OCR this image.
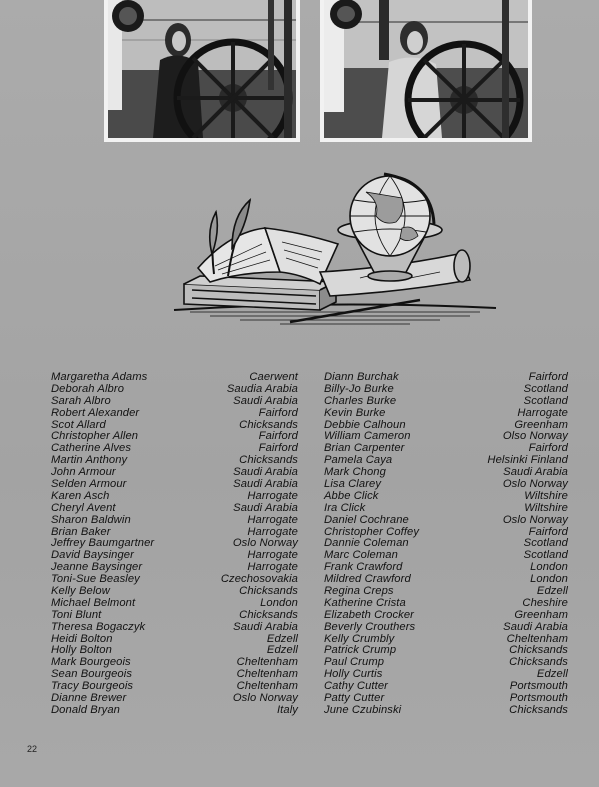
Margaretha Adams
Deborah Albro
Sarah Albro
Robert Alexander
Scot Allard
Christopher Allen
Catherine Alves
Martin Anthony
John Armour
Selden Armour
Karen Asch
Cheryl Avent
Sharon Baldwin
Brian Baker
Jeffrey Baumgartner
David Baysinger
Jeanne Baysinger
Toni-Sue Beasley
Kelly Below
Michael Belmont
Toni Blunt
Theresa Bogaczyk
Heidi Bolton
Holly Bolton
Mark Bourgeois
Sean Bourgeois
Tracy Bourgeois
Dianne Brewer
Donald Bryan
Caerwent
Saudia Arabia
Saudi Arabia
Fairford
Chicksands
Fairford
Fairford
Chicksands
Saudi Arabia
Saudi Arabia
Harrogate
Saudi Arabia
Harrogate
Harrogate
Oslo Norway
Harrogate
Harrogate
Czechosovakia
Chicksands
London
Chicksands
Saudi Arabia
Edzell
Edzell
Cheltenham
Cheltenham
Cheltenham
Oslo Norway
Italy
Diann Burchak
Billy-Jo Burke
Charles Burke
Kevin Burke
Debbie Calhoun
William Cameron
Brian Carpenter
Pamela Caya
Mark Chong
Lisa Clarey
Abbe Click
Ira Click
Daniel Cochrane
Christopher Coffey
Dannie Coleman
Marc Coleman
Frank Crawford
Mildred Crawford
Regina Creps
Katherine Crista
Elizabeth Crocker
Beverly Crouthers
Kelly Crumbly
Patrick Crump
Paul Crump
Holly Curtis
Cathy Cutter
Patty Cutter
June Czubinski
Fairford
Scotland
Scotland
Harrogate
Greenham
Olso Norway
Fairford
Helsinki Finland
Saudi Arabia
Oslo Norway
Wiltshire
Wiltshire
Oslo Norway
Fairford
Scotland
Scotland
London
London
Edzell
Cheshire
Greenham
Saudi Arabia
Cheltenham
Chicksands
Chicksands
Edzell
Portsmouth
Portsmouth
Chicksands
22
